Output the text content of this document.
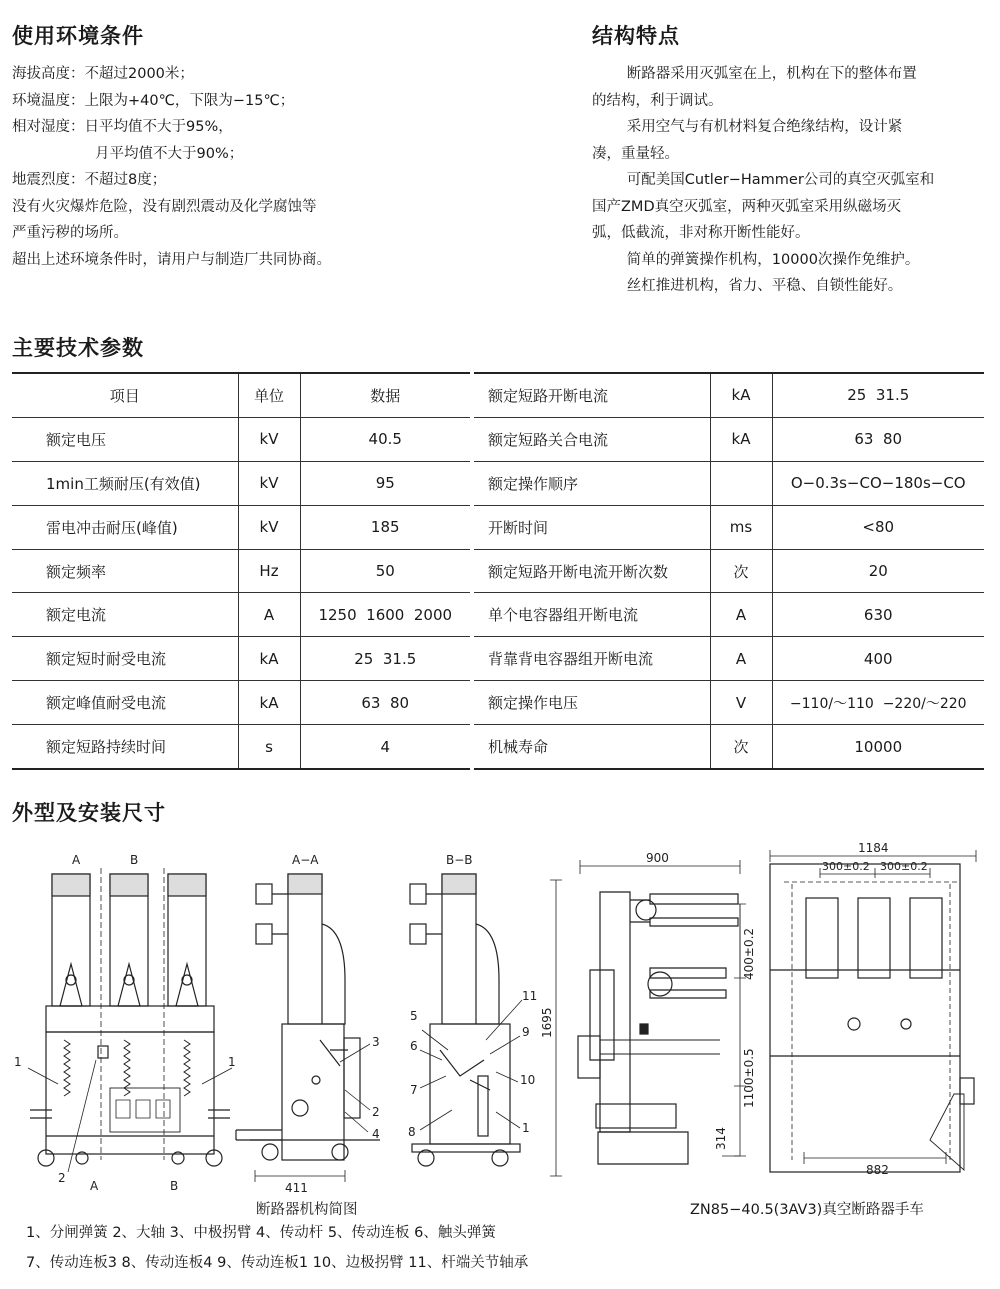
使用环境条件
海拔高度：不超过2000米；
环境温度：上限为+40℃，下限为−15℃；
相对湿度：日平均值不大于95%，
月平均值不大于90%；
地震烈度：不超过8度；
没有火灾爆炸危险，没有剧烈震动及化学腐蚀等
严重污秽的场所。
超出上述环境条件时，请用户与制造厂共同协商。
结构特点
断路器采用灭弧室在上，机构在下的整体布置
的结构，利于调试。
采用空气与有机材料复合绝缘结构，设计紧
凑，重量轻。
可配美国Cutler−Hammer公司的真空灭弧室和
国产ZMD真空灭弧室，两种灭弧室采用纵磁场灭
弧，低截流，非对称开断性能好。
简单的弹簧操作机构，10000次操作免维护。
丝杠推进机构，省力、平稳、自锁性能好。
主要技术参数
项目	单位	数据
额定电压	kV	40.5
1min工频耐压(有效值)	kV	95
雷电冲击耐压(峰值)	kV	185
额定频率	Hz	50
额定电流	A	1250  1600  2000
额定短时耐受电流	kA	25  31.5
额定峰值耐受电流	kA	63  80
额定短路持续时间	s	4
额定短路开断电流	kA	25  31.5
额定短路关合电流	kA	63  80
额定操作顺序		O−0.3s−CO−180s−CO
开断时间	ms	<80
额定短路开断电流开断次数	次	20
单个电容器组开断电流	A	630
背靠背电容器组开断电流	A	400
额定操作电压	V	−110/～110  −220/～220
机械寿命	次	10000
外型及安装尺寸
A	B
1	1
2
A	B
A−A
411
3
2
4
B−B
5
6
7
8
11
9
10
1
900
1695
400±0.2
1100±0.5
314
1184
300±0.2 300±0.2
882
断路器机构简图	ZN85−40.5(3AV3)真空断路器手车
1、分闸弹簧 2、大轴 3、中极拐臂 4、传动杆 5、传动连板 6、触头弹簧
7、传动连板3 8、传动连板4 9、传动连板1 10、边极拐臂 11、杆端关节轴承
